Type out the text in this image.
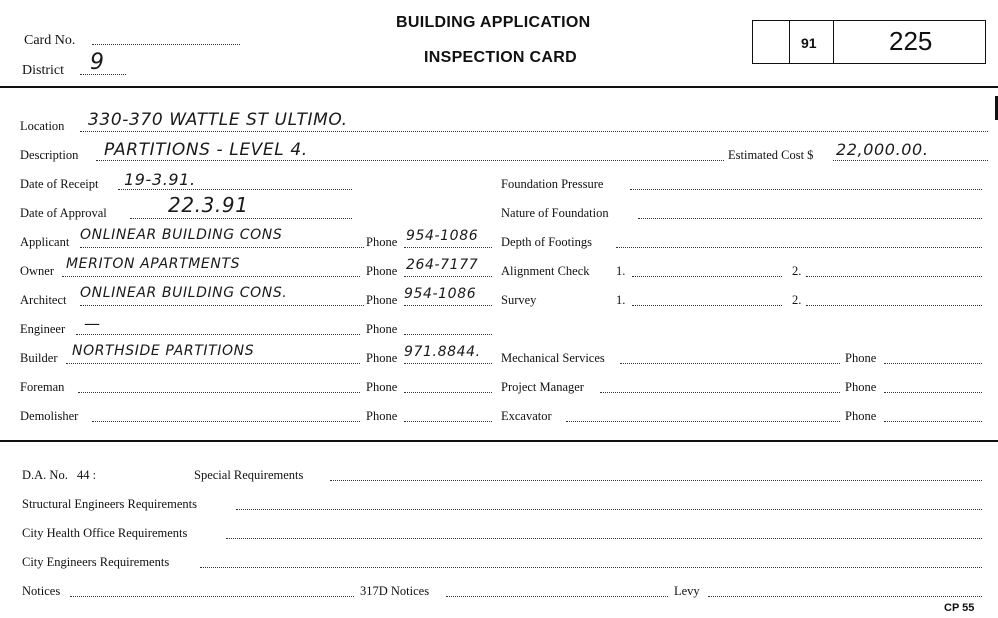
Card No.
District 9
BUILDING APPLICATION
INSPECTION CARD
91	225
Location 330-370 WATTLE ST ULTIMO.
Description PARTITIONS - LEVEL 4.	Estimated Cost $ 22,000.00.
Date of Receipt 19-3.91.
Date of Approval	22.3.91
Applicant ONLINEAR BUILDING CONS	Phone 954-1086
Owner MERITON APARTMENTS	Phone 264-7177
Architect ONLINEAR BUILDING CONS.	Phone 954-1086
Engineer —	Phone
Builder NORTHSIDE PARTITIONS	Phone 971.8844.
Foreman	Phone
Demolisher	Phone
Foundation Pressure
Nature of Foundation
Depth of Footings
Alignment Check 1.	2.
Survey	1.	2.
Mechanical Services	Phone
Project Manager	Phone
Excavator	Phone
D.A. No. 44 :	Special Requirements
Structural Engineers Requirements
City Health Office Requirements
City Engineers Requirements
Notices	317D Notices	Levy
CP 55
